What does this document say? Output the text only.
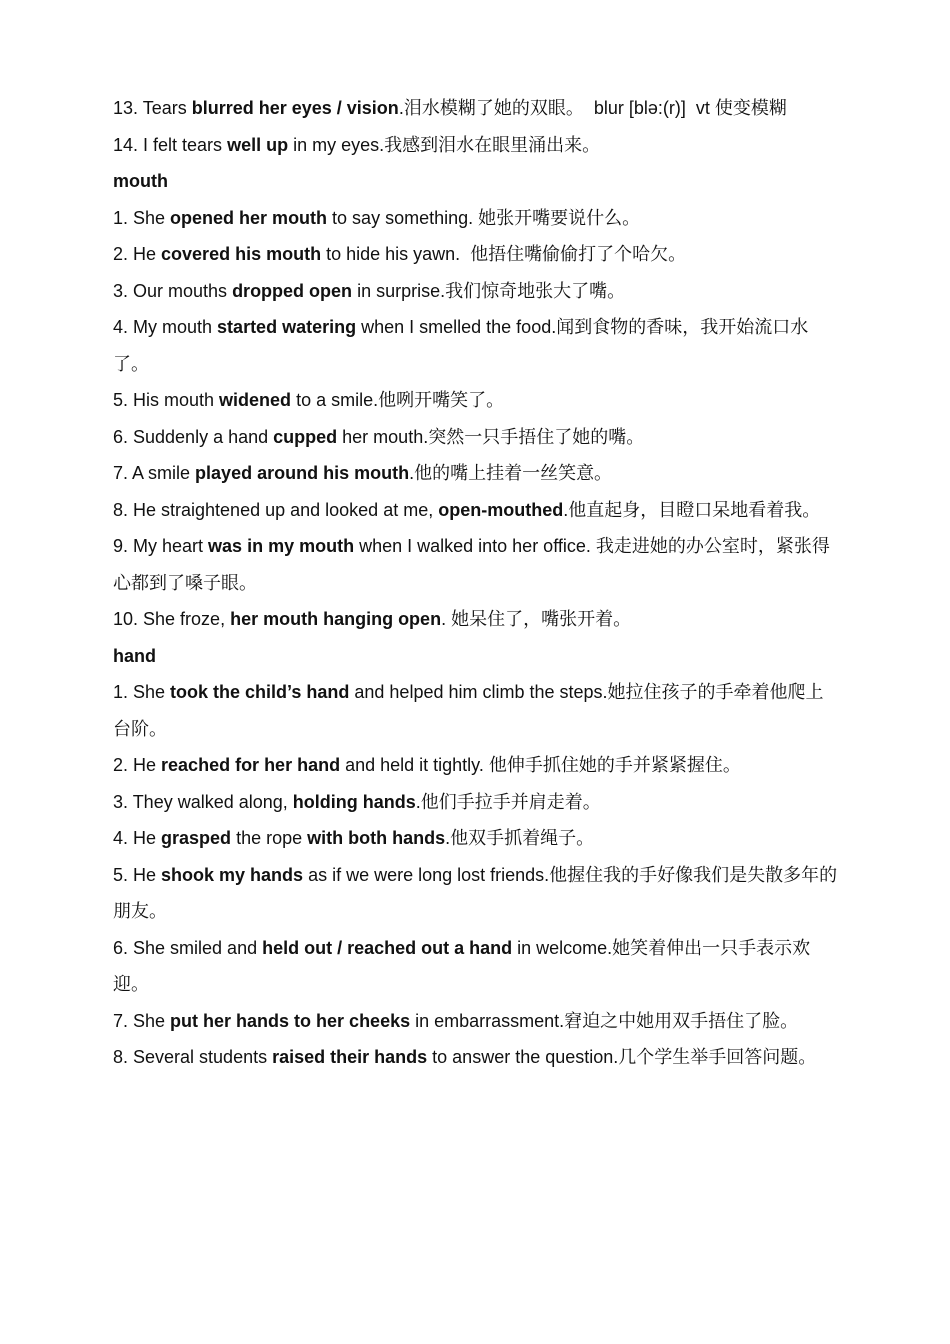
13. Tears blurred her eyes / vision.泪水模糊了她的双眼。  blur [blə:(r)]  vt 使变模糊

14. I felt tears well up in my eyes.我感到泪水在眼里涌出来。

mouth

1. She opened her mouth to say something. 她张开嘴要说什么。

2. He covered his mouth to hide his yawn.  他捂住嘴偷偷打了个哈欠。

3. Our mouths dropped open in surprise.我们惊奇地张大了嘴。

4. My mouth started watering when I smelled the food.闻到食物的香味，我开始流口水了。

5. His mouth widened to a smile.他咧开嘴笑了。

6. Suddenly a hand cupped her mouth.突然一只手捂住了她的嘴。

7. A smile played around his mouth.他的嘴上挂着一丝笑意。

8. He straightened up and looked at me, open-mouthed.他直起身，目瞪口呆地看着我。

9. My heart was in my mouth when I walked into her office. 我走进她的办公室时，紧张得心都到了嗓子眼。

10. She froze, her mouth hanging open. 她呆住了，嘴张开着。

hand

1. She took the child’s hand and helped him climb the steps.她拉住孩子的手牵着他爬上台阶。

2. He reached for her hand and held it tightly. 他伸手抓住她的手并紧紧握住。

3. They walked along, holding hands.他们手拉手并肩走着。

4. He grasped the rope with both hands.他双手抓着绳子。

5. He shook my hands as if we were long lost friends.他握住我的手好像我们是失散多年的朋友。

6. She smiled and held out / reached out a hand in welcome.她笑着伸出一只手表示欢迎。

7. She put her hands to her cheeks in embarrassment.窘迫之中她用双手捂住了脸。

8. Several students raised their hands to answer the question.几个学生举手回答问题。
